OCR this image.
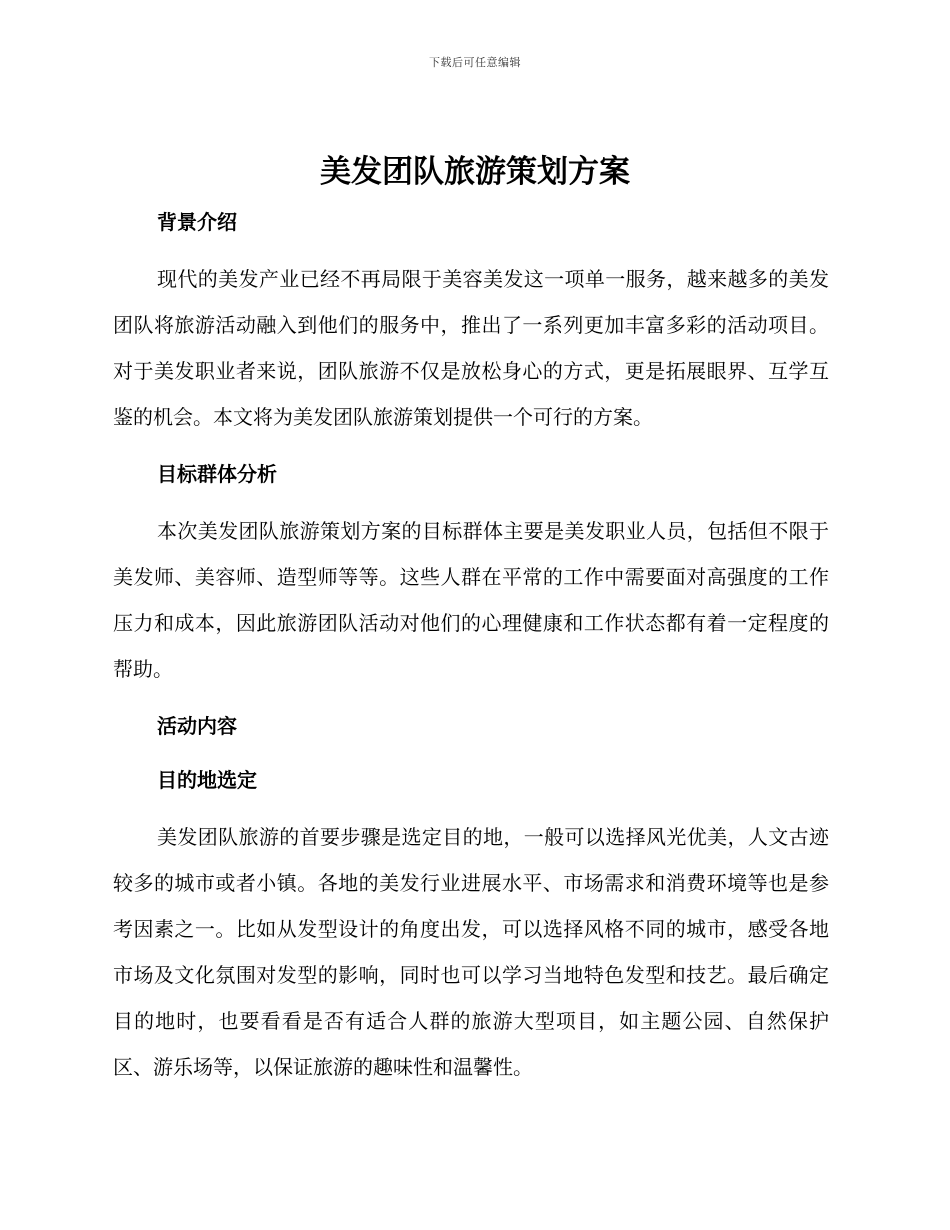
下载后可任意编辑
美发团队旅游策划方案
背景介绍

现代的美发产业已经不再局限于美容美发这一项单一服务，越来越多的美发团队将旅游活动融入到他们的服务中，推出了一系列更加丰富多彩的活动项目。对于美发职业者来说，团队旅游不仅是放松身心的方式，更是拓展眼界、互学互鉴的机会。本文将为美发团队旅游策划提供一个可行的方案。

目标群体分析

本次美发团队旅游策划方案的目标群体主要是美发职业人员，包括但不限于美发师、美容师、造型师等等。这些人群在平常的工作中需要面对高强度的工作压力和成本，因此旅游团队活动对他们的心理健康和工作状态都有着一定程度的帮助。

活动内容
目的地选定

美发团队旅游的首要步骤是选定目的地，一般可以选择风光优美，人文古迹较多的城市或者小镇。各地的美发行业进展水平、市场需求和消费环境等也是参考因素之一。比如从发型设计的角度出发，可以选择风格不同的城市，感受各地市场及文化氛围对发型的影响，同时也可以学习当地特色发型和技艺。最后确定目的地时，也要看看是否有适合人群的旅游大型项目，如主题公园、自然保护区、游乐场等，以保证旅游的趣味性和温馨性。
